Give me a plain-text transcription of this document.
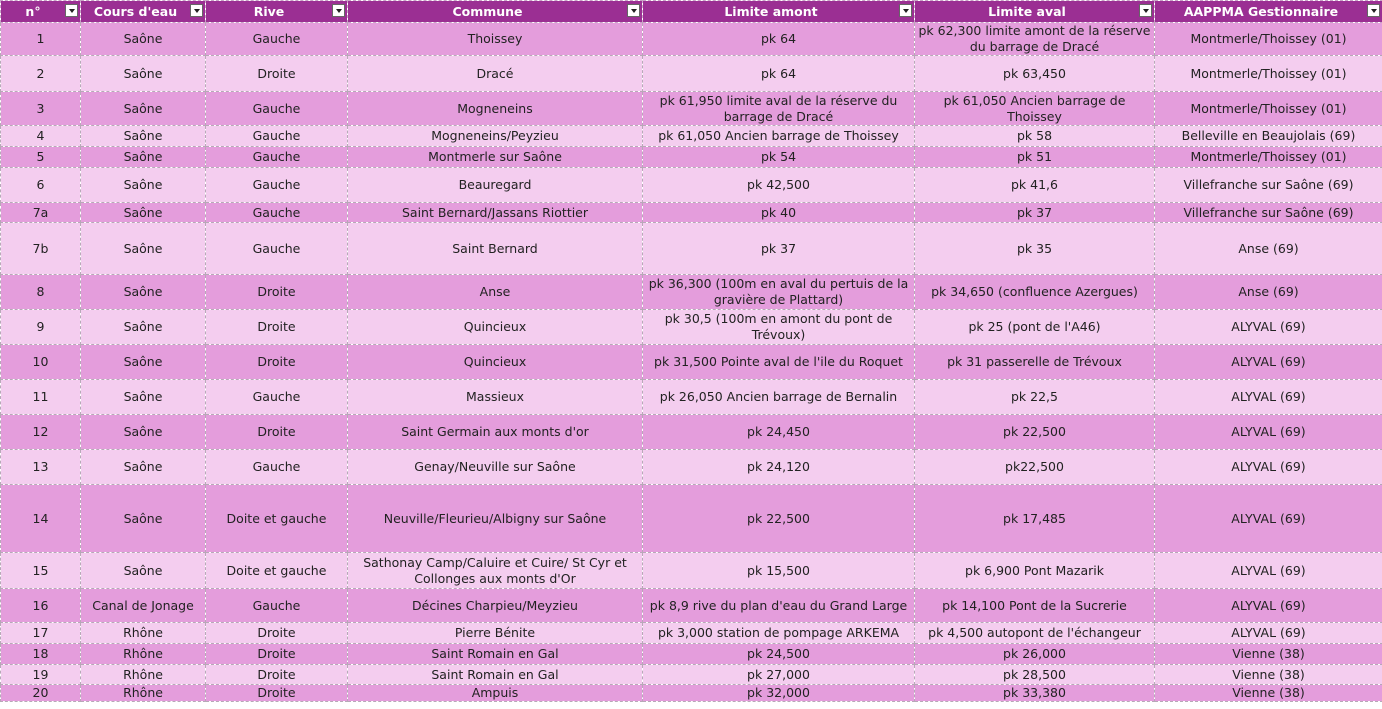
n°	Cours d'eau	Rive	Commune	Limite amont	Limite aval	AAPPMA Gestionnaire

1	Saône	Gauche	Thoissey	pk 64	pk 62,300 limite amont de la réserve du barrage de Dracé	Montmerle/Thoissey (01)
2	Saône	Droite	Dracé	pk 64	pk 63,450	Montmerle/Thoissey (01)
3	Saône	Gauche	Mogneneins	pk 61,950 limite aval de la réserve du barrage de Dracé	pk 61,050 Ancien barrage de Thoissey	Montmerle/Thoissey (01)
4	Saône	Gauche	Mogneneins/Peyzieu	pk 61,050 Ancien barrage de Thoissey	pk 58	Belleville en Beaujolais (69)
5	Saône	Gauche	Montmerle sur Saône	pk 54	pk 51	Montmerle/Thoissey (01)
6	Saône	Gauche	Beauregard	pk 42,500	pk 41,6	Villefranche sur Saône (69)
7a	Saône	Gauche	Saint Bernard/Jassans Riottier	pk 40	pk 37	Villefranche sur Saône (69)
7b	Saône	Gauche	Saint Bernard	pk 37	pk 35	Anse (69)
8	Saône	Droite	Anse	pk 36,300 (100m en aval du pertuis de la gravière de Plattard)	pk 34,650 (confluence Azergues)	Anse (69)
9	Saône	Droite	Quincieux	pk 30,5 (100m en amont du pont de Trévoux)	pk 25 (pont de l'A46)	ALYVAL (69)
10	Saône	Droite	Quincieux	pk 31,500 Pointe aval de l'ile du Roquet	pk 31 passerelle de Trévoux	ALYVAL (69)
11	Saône	Gauche	Massieux	pk 26,050 Ancien barrage de Bernalin	pk 22,5	ALYVAL (69)
12	Saône	Droite	Saint Germain aux monts d'or	pk 24,450	pk 22,500	ALYVAL (69)
13	Saône	Gauche	Genay/Neuville sur Saône	pk 24,120	pk22,500	ALYVAL (69)
14	Saône	Doite et gauche	Neuville/Fleurieu/Albigny sur Saône	pk 22,500	pk 17,485	ALYVAL (69)
15	Saône	Doite et gauche	Sathonay Camp/Caluire et Cuire/ St Cyr et Collonges aux monts d'Or	pk 15,500	pk 6,900 Pont Mazarik	ALYVAL (69)
16	Canal de Jonage	Gauche	Décines Charpieu/Meyzieu	pk 8,9 rive du plan d'eau du Grand Large	pk 14,100 Pont de la Sucrerie	ALYVAL (69)
17	Rhône	Droite	Pierre Bénite	pk 3,000 station de pompage ARKEMA	pk 4,500 autopont de l'échangeur	ALYVAL (69)
18	Rhône	Droite	Saint Romain en Gal	pk 24,500	pk 26,000	Vienne (38)
19	Rhône	Droite	Saint Romain en Gal	pk 27,000	pk 28,500	Vienne (38)
20	Rhône	Droite	Ampuis	pk 32,000	pk 33,380	Vienne (38)
